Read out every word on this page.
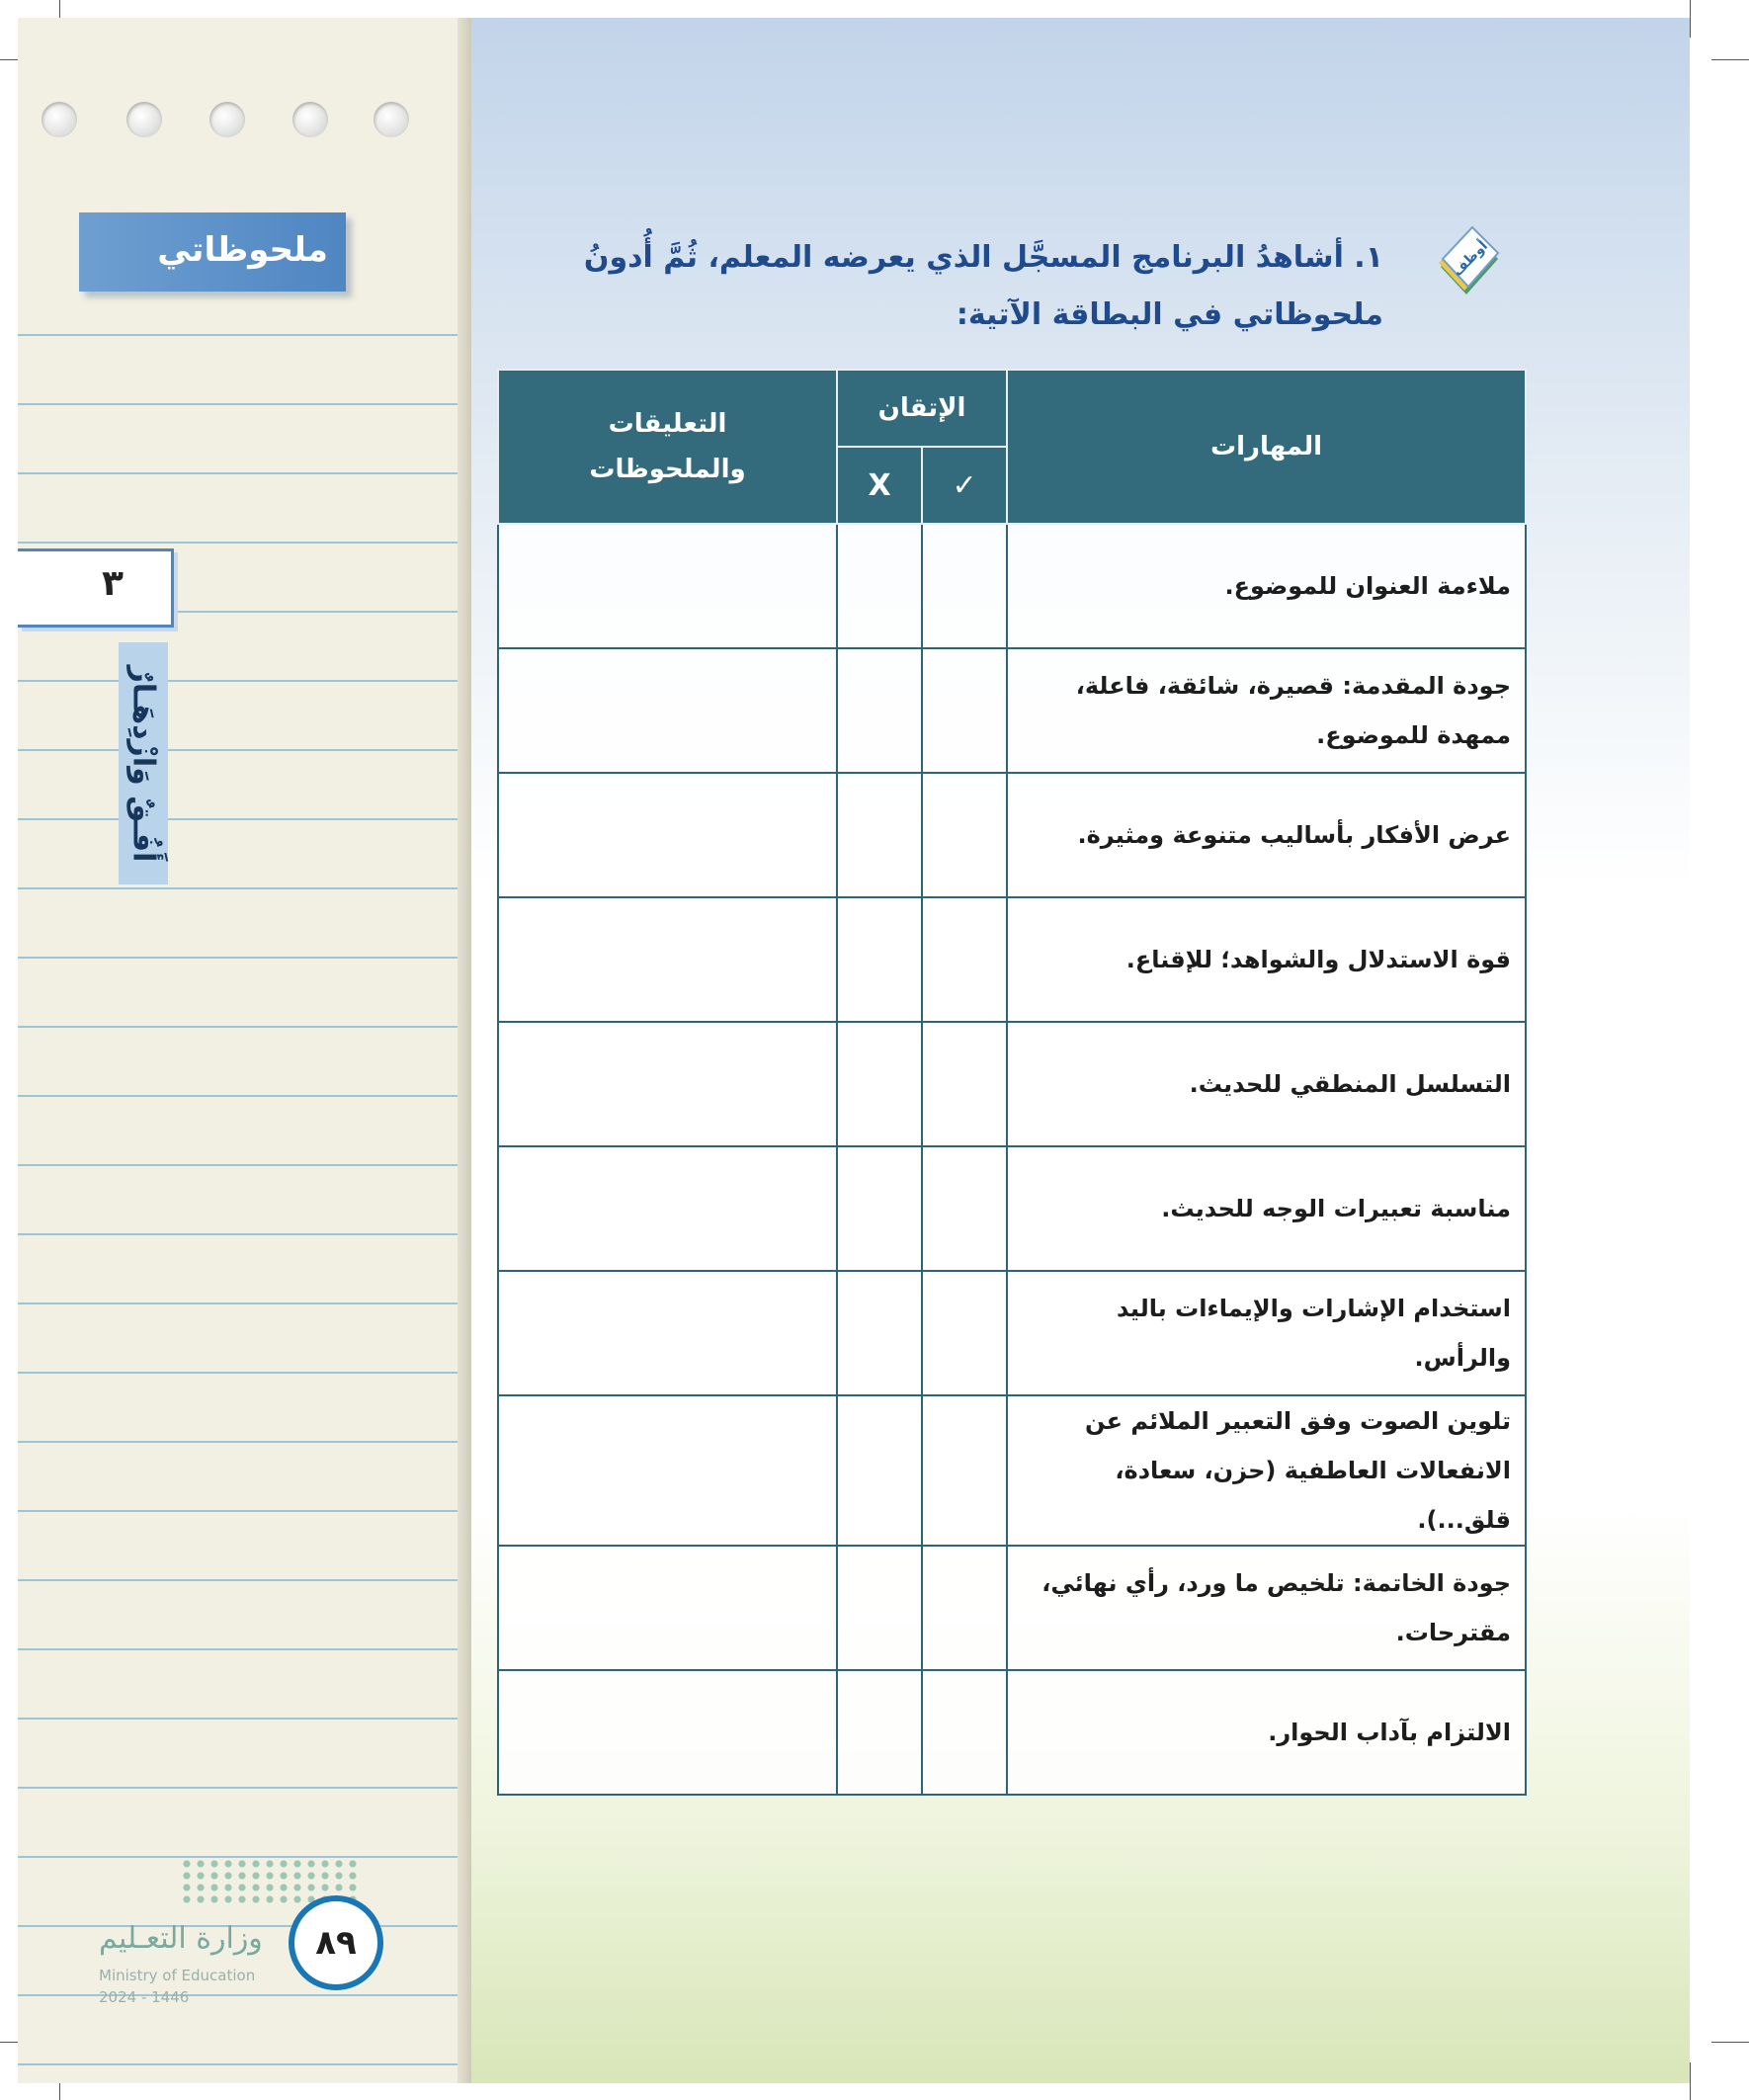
ملحوظاتي
٣
أَفُـقٌ وَازْدِهَـارٌ
وزارة التعـليم
Ministry of Education
2024 - 1446
٨٩
أوظف
١. أشاهدُ البرنامج المسجَّل الذي يعرضه المعلم، ثُمَّ أُدونُ ملحوظاتي في البطاقة الآتية:
المهارات	الإتقان		التعليقات والملحوظات
	✓	X	
ملاءمة العنوان للموضوع.			
جودة المقدمة: قصيرة، شائقة، فاعلة، ممهدة للموضوع.			
عرض الأفكار بأساليب متنوعة ومثيرة.			
قوة الاستدلال والشواهد؛ للإقناع.			
التسلسل المنطقي للحديث.			
مناسبة تعبيرات الوجه للحديث.			
استخدام الإشارات والإيماءات باليد والرأس.			
تلوين الصوت وفق التعبير الملائم عن الانفعالات العاطفية (حزن، سعادة، قلق...).			
جودة الخاتمة: تلخيص ما ورد، رأي نهائي، مقترحات.			
الالتزام بآداب الحوار.			
